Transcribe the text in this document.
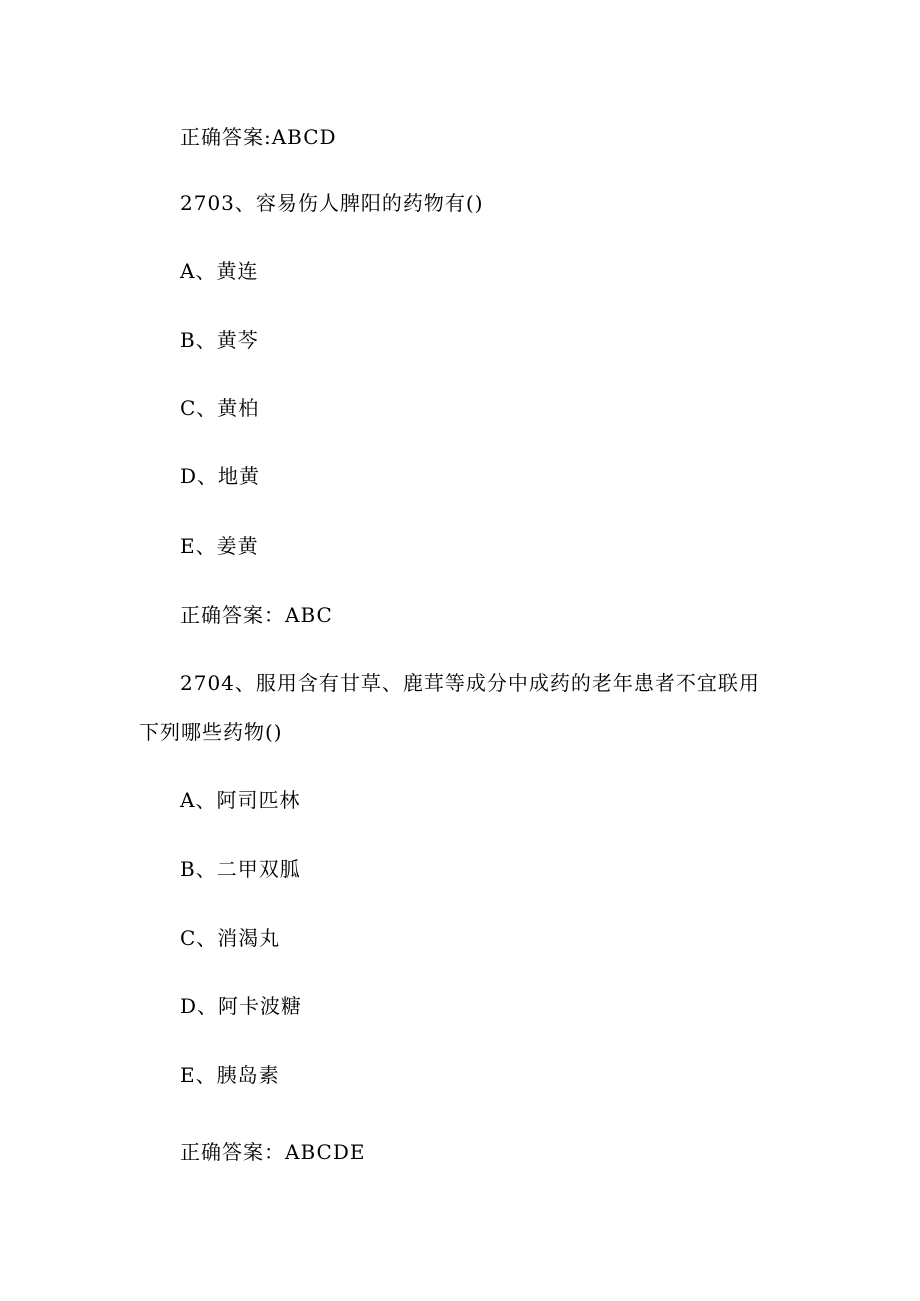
正确答案:ABCD
2703、容易伤人脾阳的药物有()
A、黄连
B、黄芩
C、黄柏
D、地黄
E、姜黄
正确答案：ABC
2704、服用含有甘草、鹿茸等成分中成药的老年患者不宜联用
下列哪些药物()
A、阿司匹林
B、二甲双胍
C、消渴丸
D、阿卡波糖
E、胰岛素
正确答案：ABCDE
